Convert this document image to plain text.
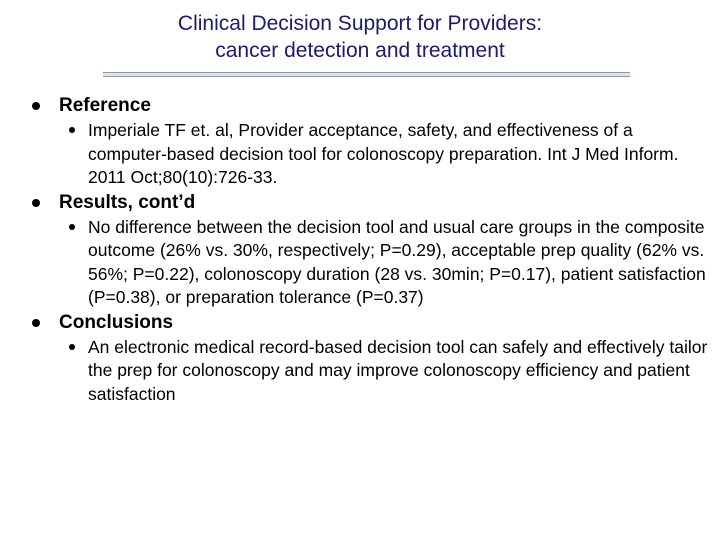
Clinical Decision Support for Providers:
cancer detection and treatment
Reference
Imperiale TF et. al, Provider acceptance, safety, and effectiveness of a computer-based decision tool for colonoscopy preparation. Int J Med Inform. 2011 Oct;80(10):726-33.
Results, cont’d
No difference between the decision tool and usual care groups in the composite outcome (26% vs. 30%, respectively; P=0.29), acceptable prep quality (62% vs. 56%; P=0.22), colonoscopy duration (28 vs. 30min; P=0.17), patient satisfaction (P=0.38), or preparation tolerance (P=0.37)
Conclusions
An electronic medical record-based decision tool can safely and effectively tailor the prep for colonoscopy and may improve colonoscopy efficiency and patient satisfaction
